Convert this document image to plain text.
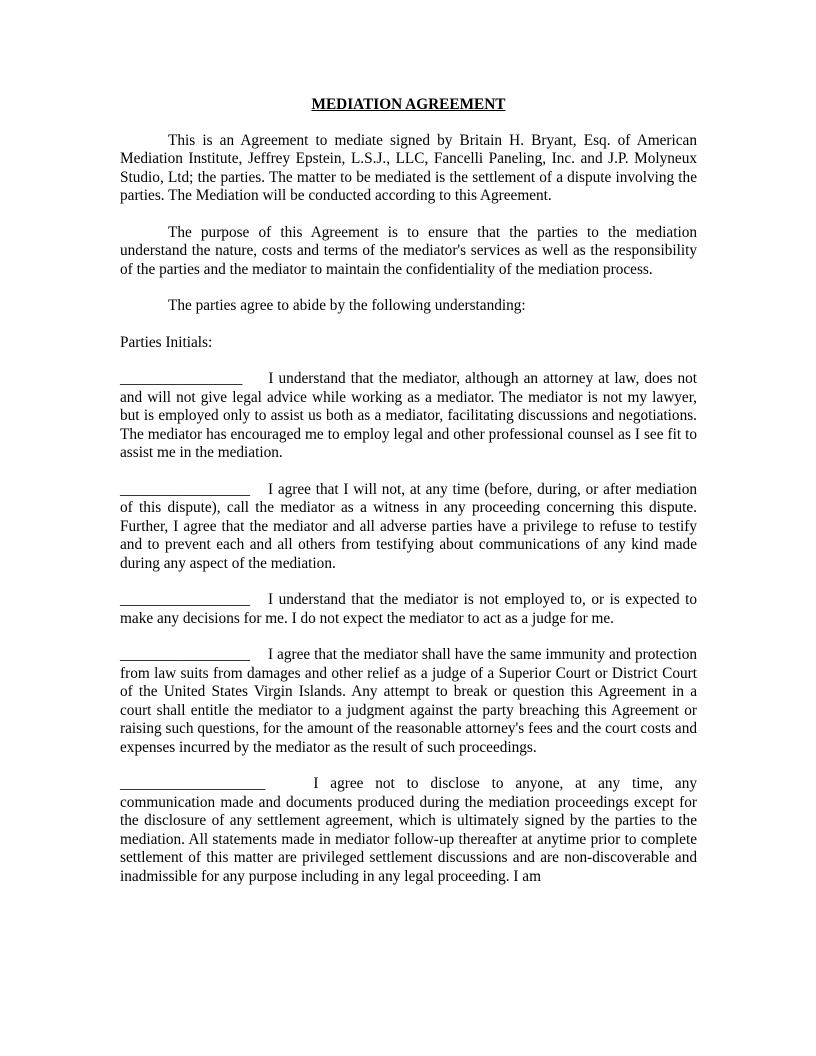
MEDIATION AGREEMENT

This is an Agreement to mediate signed by Britain H. Bryant, Esq. of American Mediation Institute, Jeffrey Epstein, L.S.J., LLC, Fancelli Paneling, Inc. and J.P. Molyneux Studio, Ltd; the parties. The matter to be mediated is the settlement of a dispute involving the parties. The Mediation will be conducted according to this Agreement.

The purpose of this Agreement is to ensure that the parties to the mediation understand the nature, costs and terms of the mediator's services as well as the responsibility of the parties and the mediator to maintain the confidentiality of the mediation process.

The parties agree to abide by the following understanding:

Parties Initials:

________________ I understand that the mediator, although an attorney at law, does not and will not give legal advice while working as a mediator. The mediator is not my lawyer, but is employed only to assist us both as a mediator, facilitating discussions and negotiations. The mediator has encouraged me to employ legal and other professional counsel as I see fit to assist me in the mediation.
_________________ I agree that I will not, at any time (before, during, or after mediation of this dispute), call the mediator as a witness in any proceeding concerning this dispute. Further, I agree that the mediator and all adverse parties have a privilege to refuse to testify and to prevent each and all others from testifying about communications of any kind made during any aspect of the mediation.
_________________ I understand that the mediator is not employed to, or is expected to make any decisions for me. I do not expect the mediator to act as a judge for me.
_________________ I agree that the mediator shall have the same immunity and protection from law suits from damages and other relief as a judge of a Superior Court or District Court of the United States Virgin Islands. Any attempt to break or question this Agreement in a court shall entitle the mediator to a judgment against the party breaching this Agreement or raising such questions, for the amount of the reasonable attorney's fees and the court costs and expenses incurred by the mediator as the result of such proceedings.
___________________	I agree not to disclose to anyone, at any time, any communication made and documents produced during the mediation proceedings except for the disclosure of any settlement agreement, which is ultimately signed by the parties to the mediation. All statements made in mediator follow-up thereafter at anytime prior to complete settlement of this matter are privileged settlement discussions and are non-discoverable and inadmissible for any purpose including in any legal proceeding. I am
